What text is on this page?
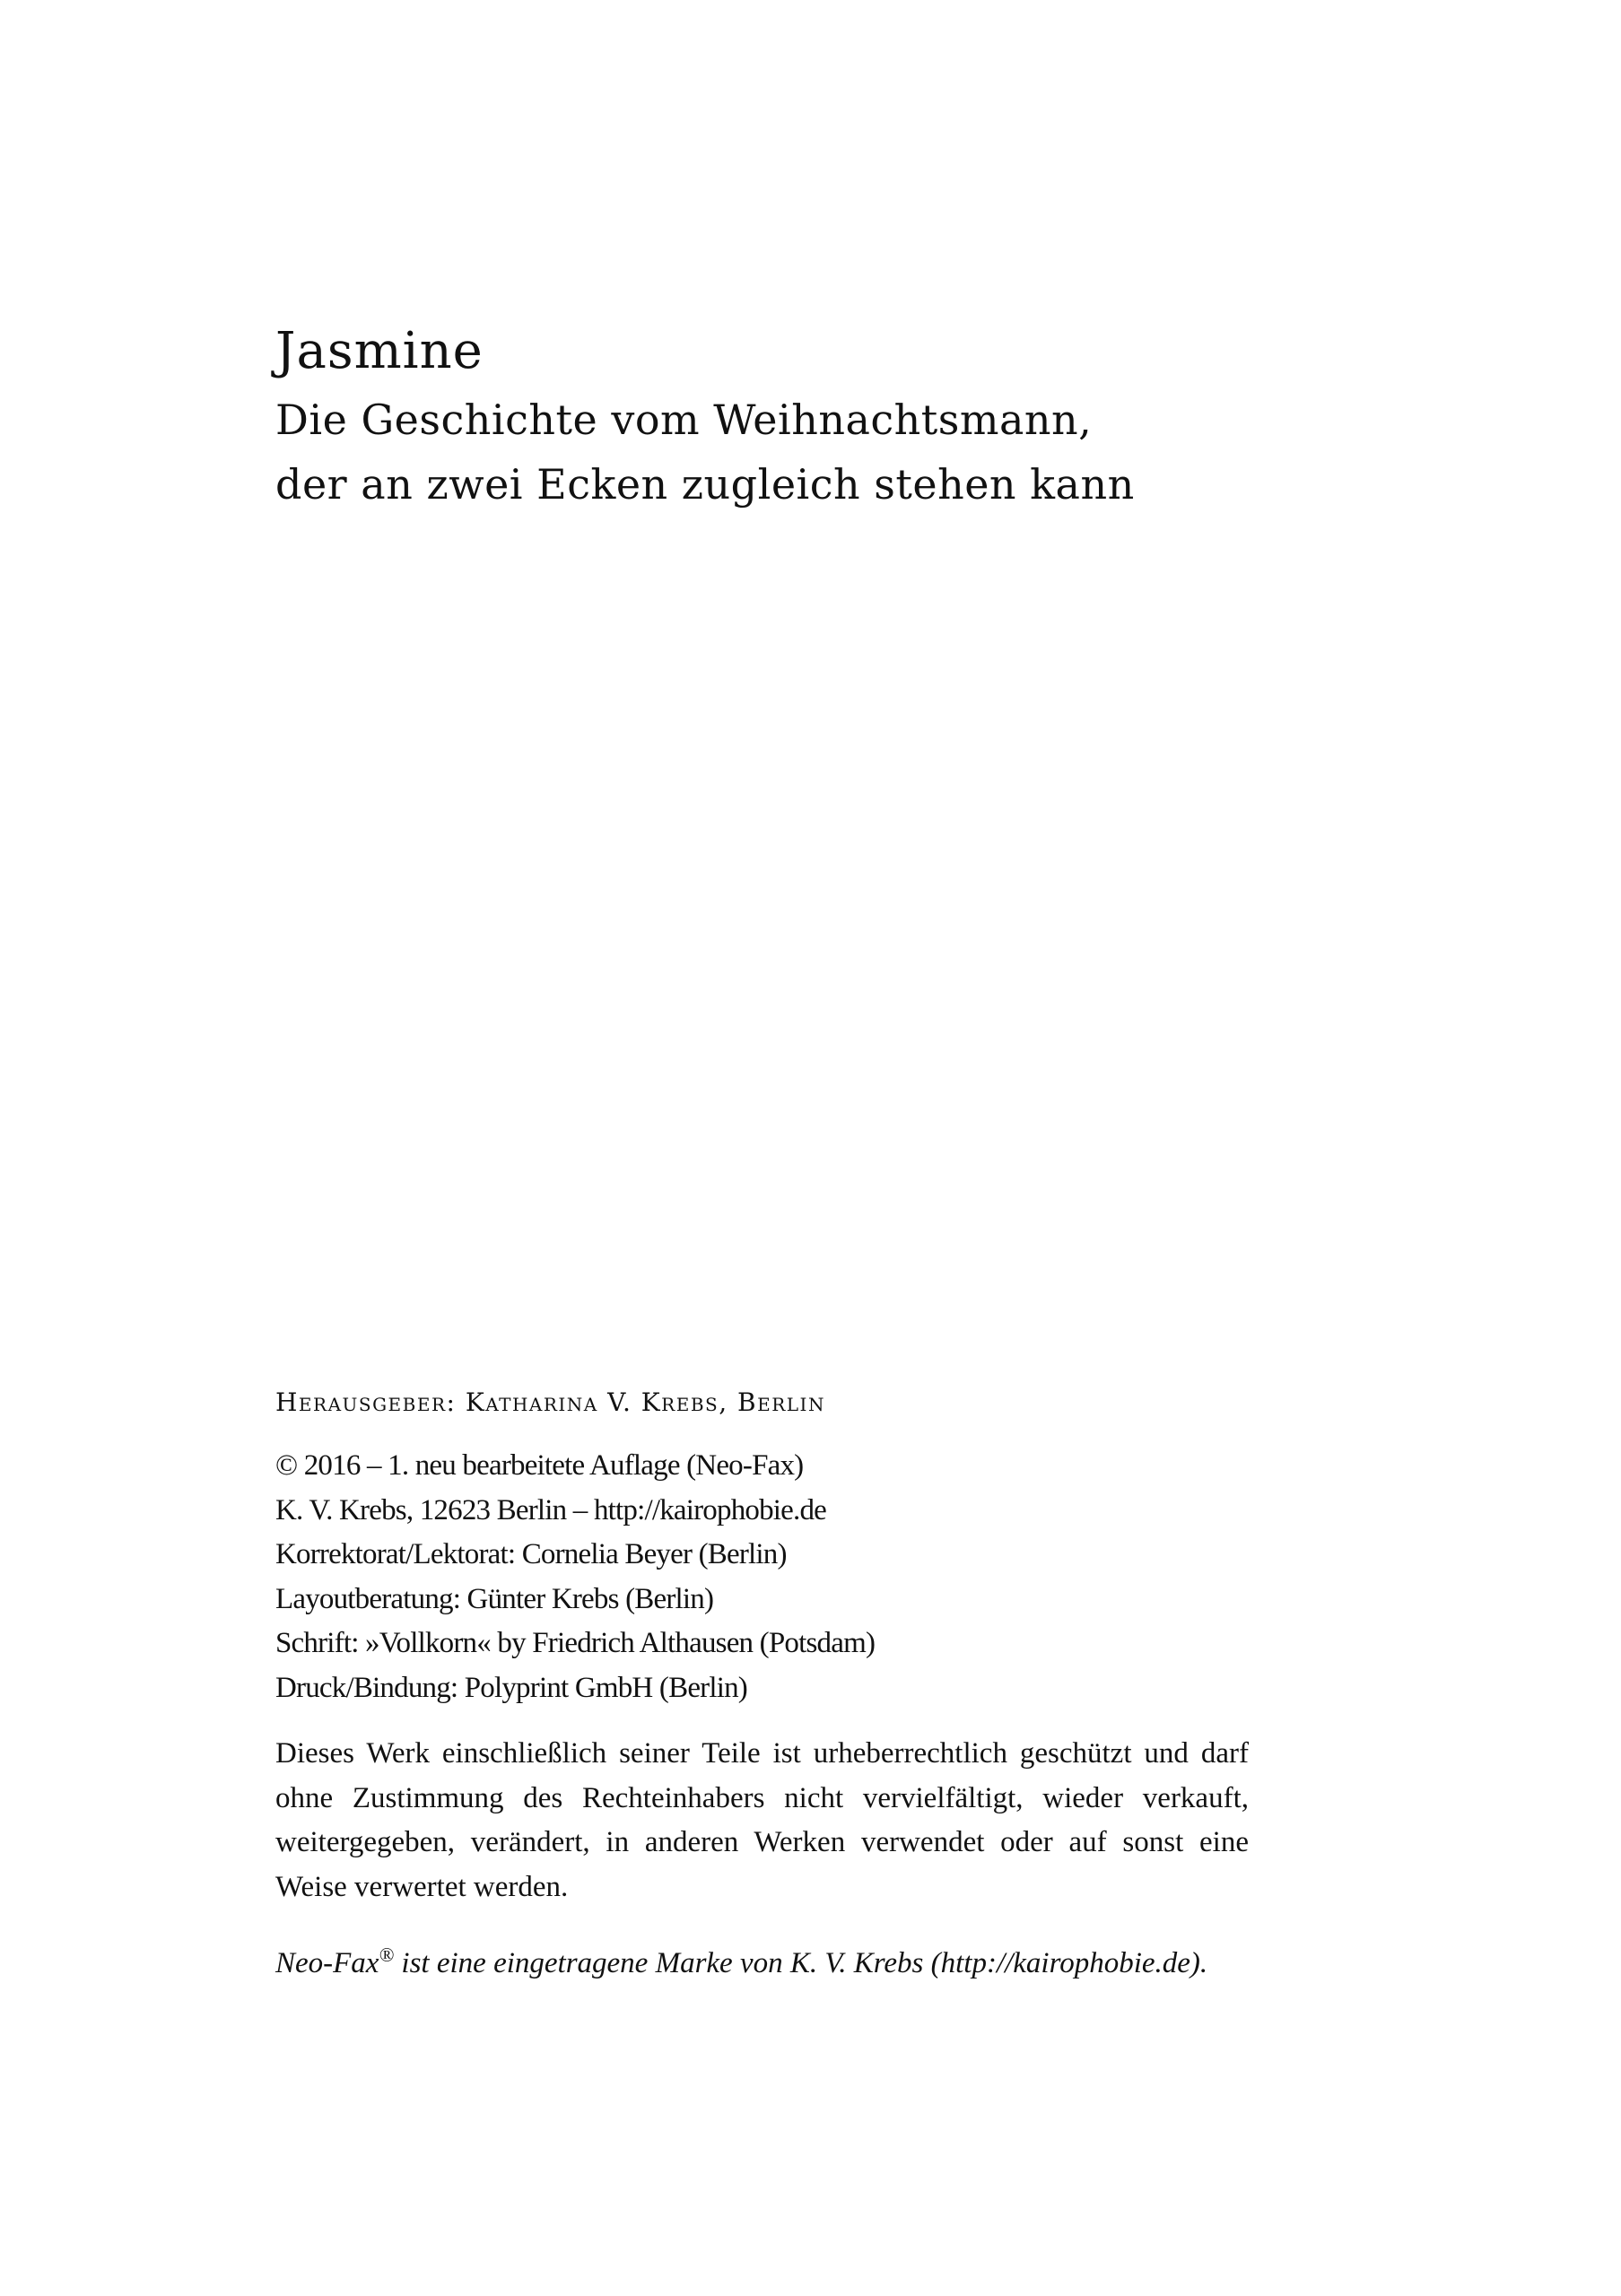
Jasmine

Die Geschichte vom Weihnachtsmann,

der an zwei Ecken zugleich stehen kann

Herausgeber: Katharina V. Krebs, Berlin

© 2016 – 1. neu bearbeitete Auflage (Neo-Fax)
K. V. Krebs, 12623 Berlin – http://kairophobie.de
Korrektorat/Lektorat: Cornelia Beyer (Berlin)
Layoutberatung: Günter Krebs (Berlin)
Schrift: »Vollkorn« by Friedrich Althausen (Potsdam)
Druck/Bindung: Polyprint GmbH (Berlin)

Dieses Werk einschließlich seiner Teile ist urheberrechtlich geschützt und darf ohne Zustimmung des Rechteinhabers nicht vervielfältigt, wieder verkauft, weitergegeben, verändert, in anderen Werken verwendet oder auf sonst eine Weise verwertet werden.

Neo-Fax® ist eine eingetragene Marke von K. V. Krebs (http://kairophobie.de).
